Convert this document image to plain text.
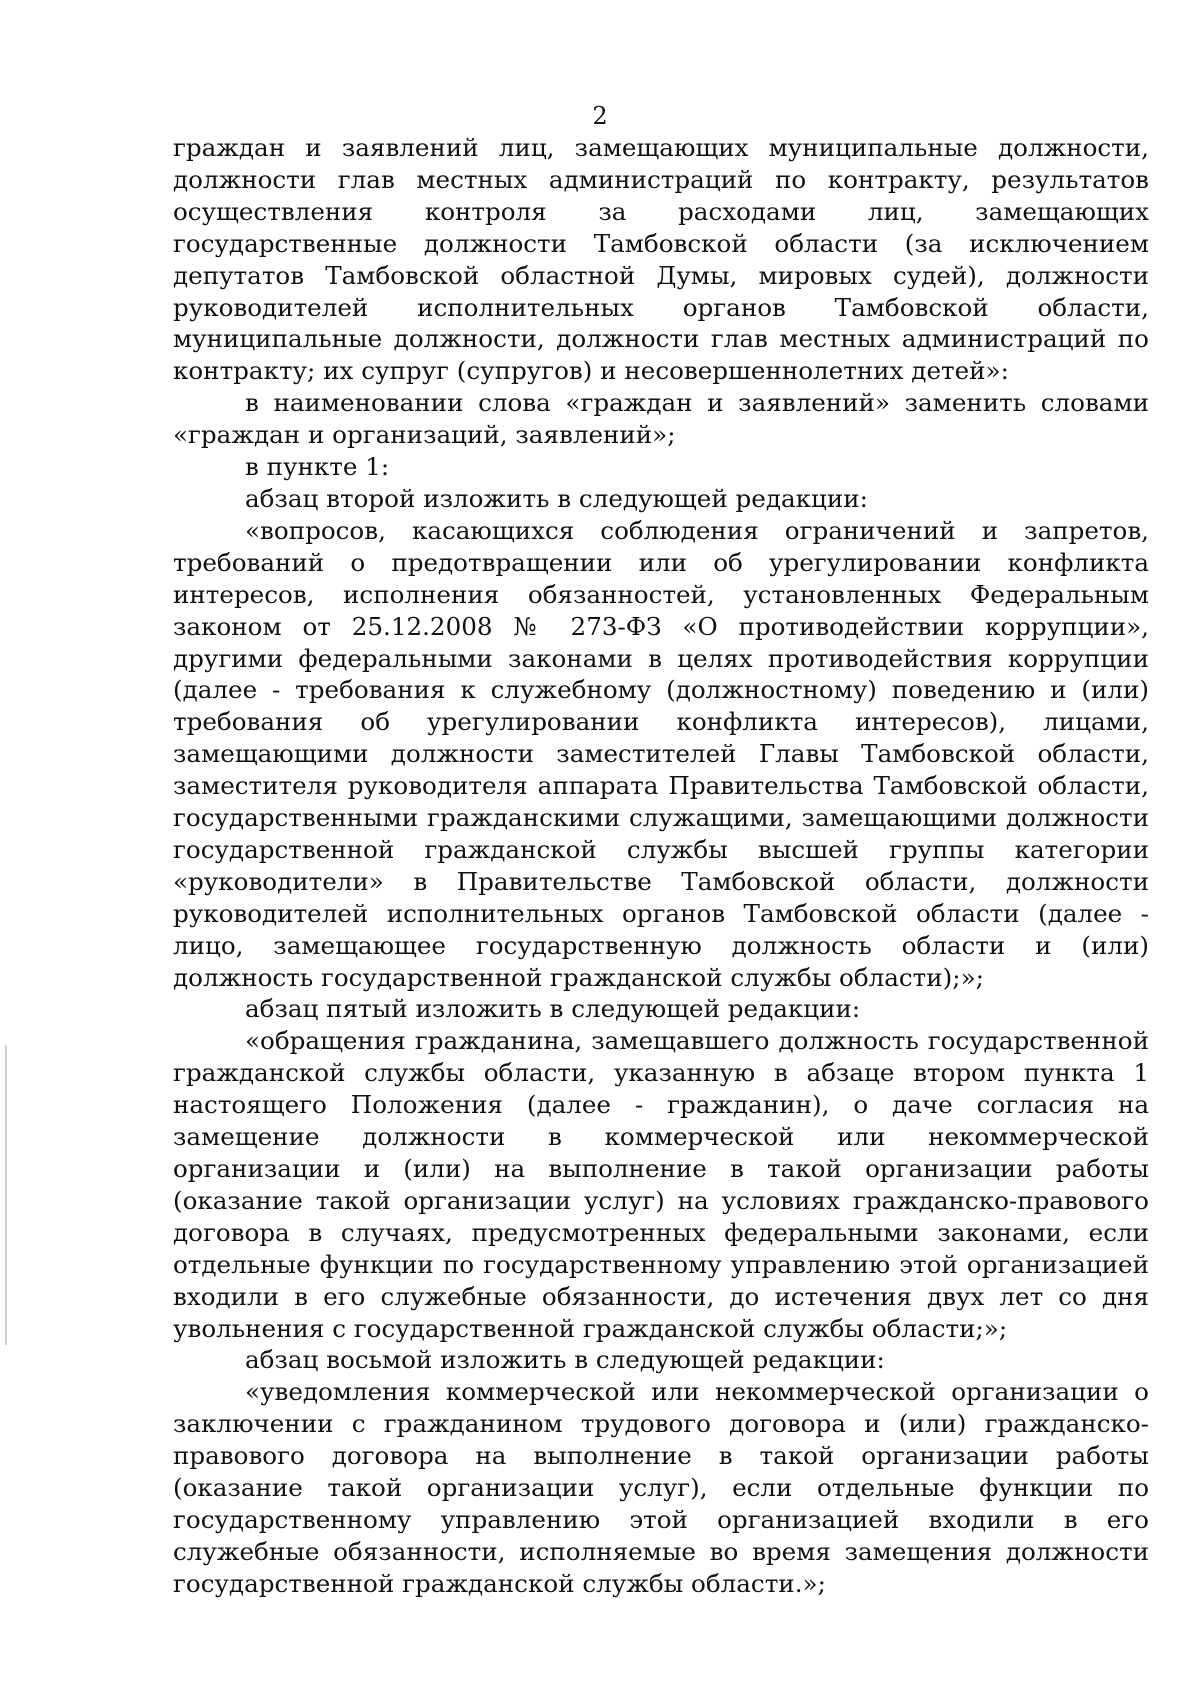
2

граждан и заявлений лиц, замещающих муниципальные должности, должности глав местных администраций по контракту, результатов осуществления контроля за расходами лиц, замещающих государственные должности Тамбовской области (за исключением депутатов Тамбовской областной Думы, мировых судей), должности руководителей исполнительных органов Тамбовской области, муниципальные должности, должности глав местных администраций по контракту; их супруг (супругов) и несовершеннолетних детей»:

в наименовании слова «граждан и заявлений» заменить словами «граждан и организаций, заявлений»;

в пункте 1:

абзац второй изложить в следующей редакции:

«вопросов, касающихся соблюдения ограничений и запретов, требований о предотвращении или об урегулировании конфликта интересов, исполнения обязанностей, установленных Федеральным законом от 25.12.2008 № 273-ФЗ «О противодействии коррупции», другими федеральными законами в целях противодействия коррупции (далее - требования к служебному (должностному) поведению и (или) требования об урегулировании конфликта интересов), лицами, замещающими должности заместителей Главы Тамбовской области, заместителя руководителя аппарата Правительства Тамбовской области, государственными гражданскими служащими, замещающими должности государственной гражданской службы высшей группы категории «руководители» в Правительстве Тамбовской области, должности руководителей исполнительных органов Тамбовской области (далее - лицо, замещающее государственную должность области и (или) должность государственной гражданской службы области);»;

абзац пятый изложить в следующей редакции:

«обращения гражданина, замещавшего должность государственной гражданской службы области, указанную в абзаце втором пункта 1 настоящего Положения (далее - гражданин), о даче согласия на замещение должности в коммерческой или некоммерческой организации и (или) на выполнение в такой организации работы (оказание такой организации услуг) на условиях гражданско-правового договора в случаях, предусмотренных федеральными законами, если отдельные функции по государственному управлению этой организацией входили в его служебные обязанности, до истечения двух лет со дня увольнения с государственной гражданской службы области;»;

абзац восьмой изложить в следующей редакции:

«уведомления коммерческой или некоммерческой организации о заключении с гражданином трудового договора и (или) гражданско-правового договора на выполнение в такой организации работы (оказание такой организации услуг), если отдельные функции по государственному управлению этой организацией входили в его служебные обязанности, исполняемые во время замещения должности государственной гражданской службы области.»;
